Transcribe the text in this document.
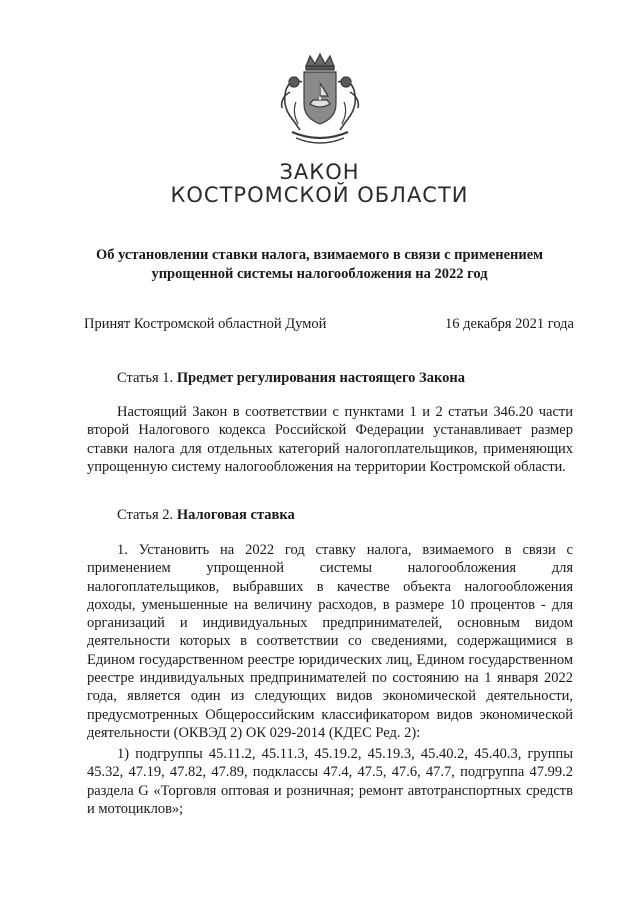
ЗАКОН
КОСТРОМСКОЙ ОБЛАСТИ
Об установлении ставки налога, взимаемого в связи с применением упрощенной системы налогообложения на 2022 год
Принят Костромской областной Думой	16 декабря 2021 года
Статья 1. Предмет регулирования настоящего Закона
Настоящий Закон в соответствии с пунктами 1 и 2 статьи 346.20 части второй Налогового кодекса Российской Федерации устанавливает размер ставки налога для отдельных категорий налогоплательщиков, применяющих упрощенную систему налогообложения на территории Костромской области.
Статья 2. Налоговая ставка
1. Установить на 2022 год ставку налога, взимаемого в связи с применением упрощенной системы налогообложения для налогоплательщиков, выбравших в качестве объекта налогообложения доходы, уменьшенные на величину расходов, в размере 10 процентов - для организаций и индивидуальных предпринимателей, основным видом деятельности которых в соответствии со сведениями, содержащимися в Едином государственном реестре юридических лиц, Едином государственном реестре индивидуальных предпринимателей по состоянию на 1 января 2022 года, является один из следующих видов экономической деятельности, предусмотренных Общероссийским классификатором видов экономической деятельности (ОКВЭД 2) ОК 029-2014 (КДЕС Ред. 2):
1) подгруппы 45.11.2, 45.11.3, 45.19.2, 45.19.3, 45.40.2, 45.40.3, группы 45.32, 47.19, 47.82, 47.89, подклассы 47.4, 47.5, 47.6, 47.7, подгруппа 47.99.2 раздела G «Торговля оптовая и розничная; ремонт автотранспортных средств и мотоциклов»;
